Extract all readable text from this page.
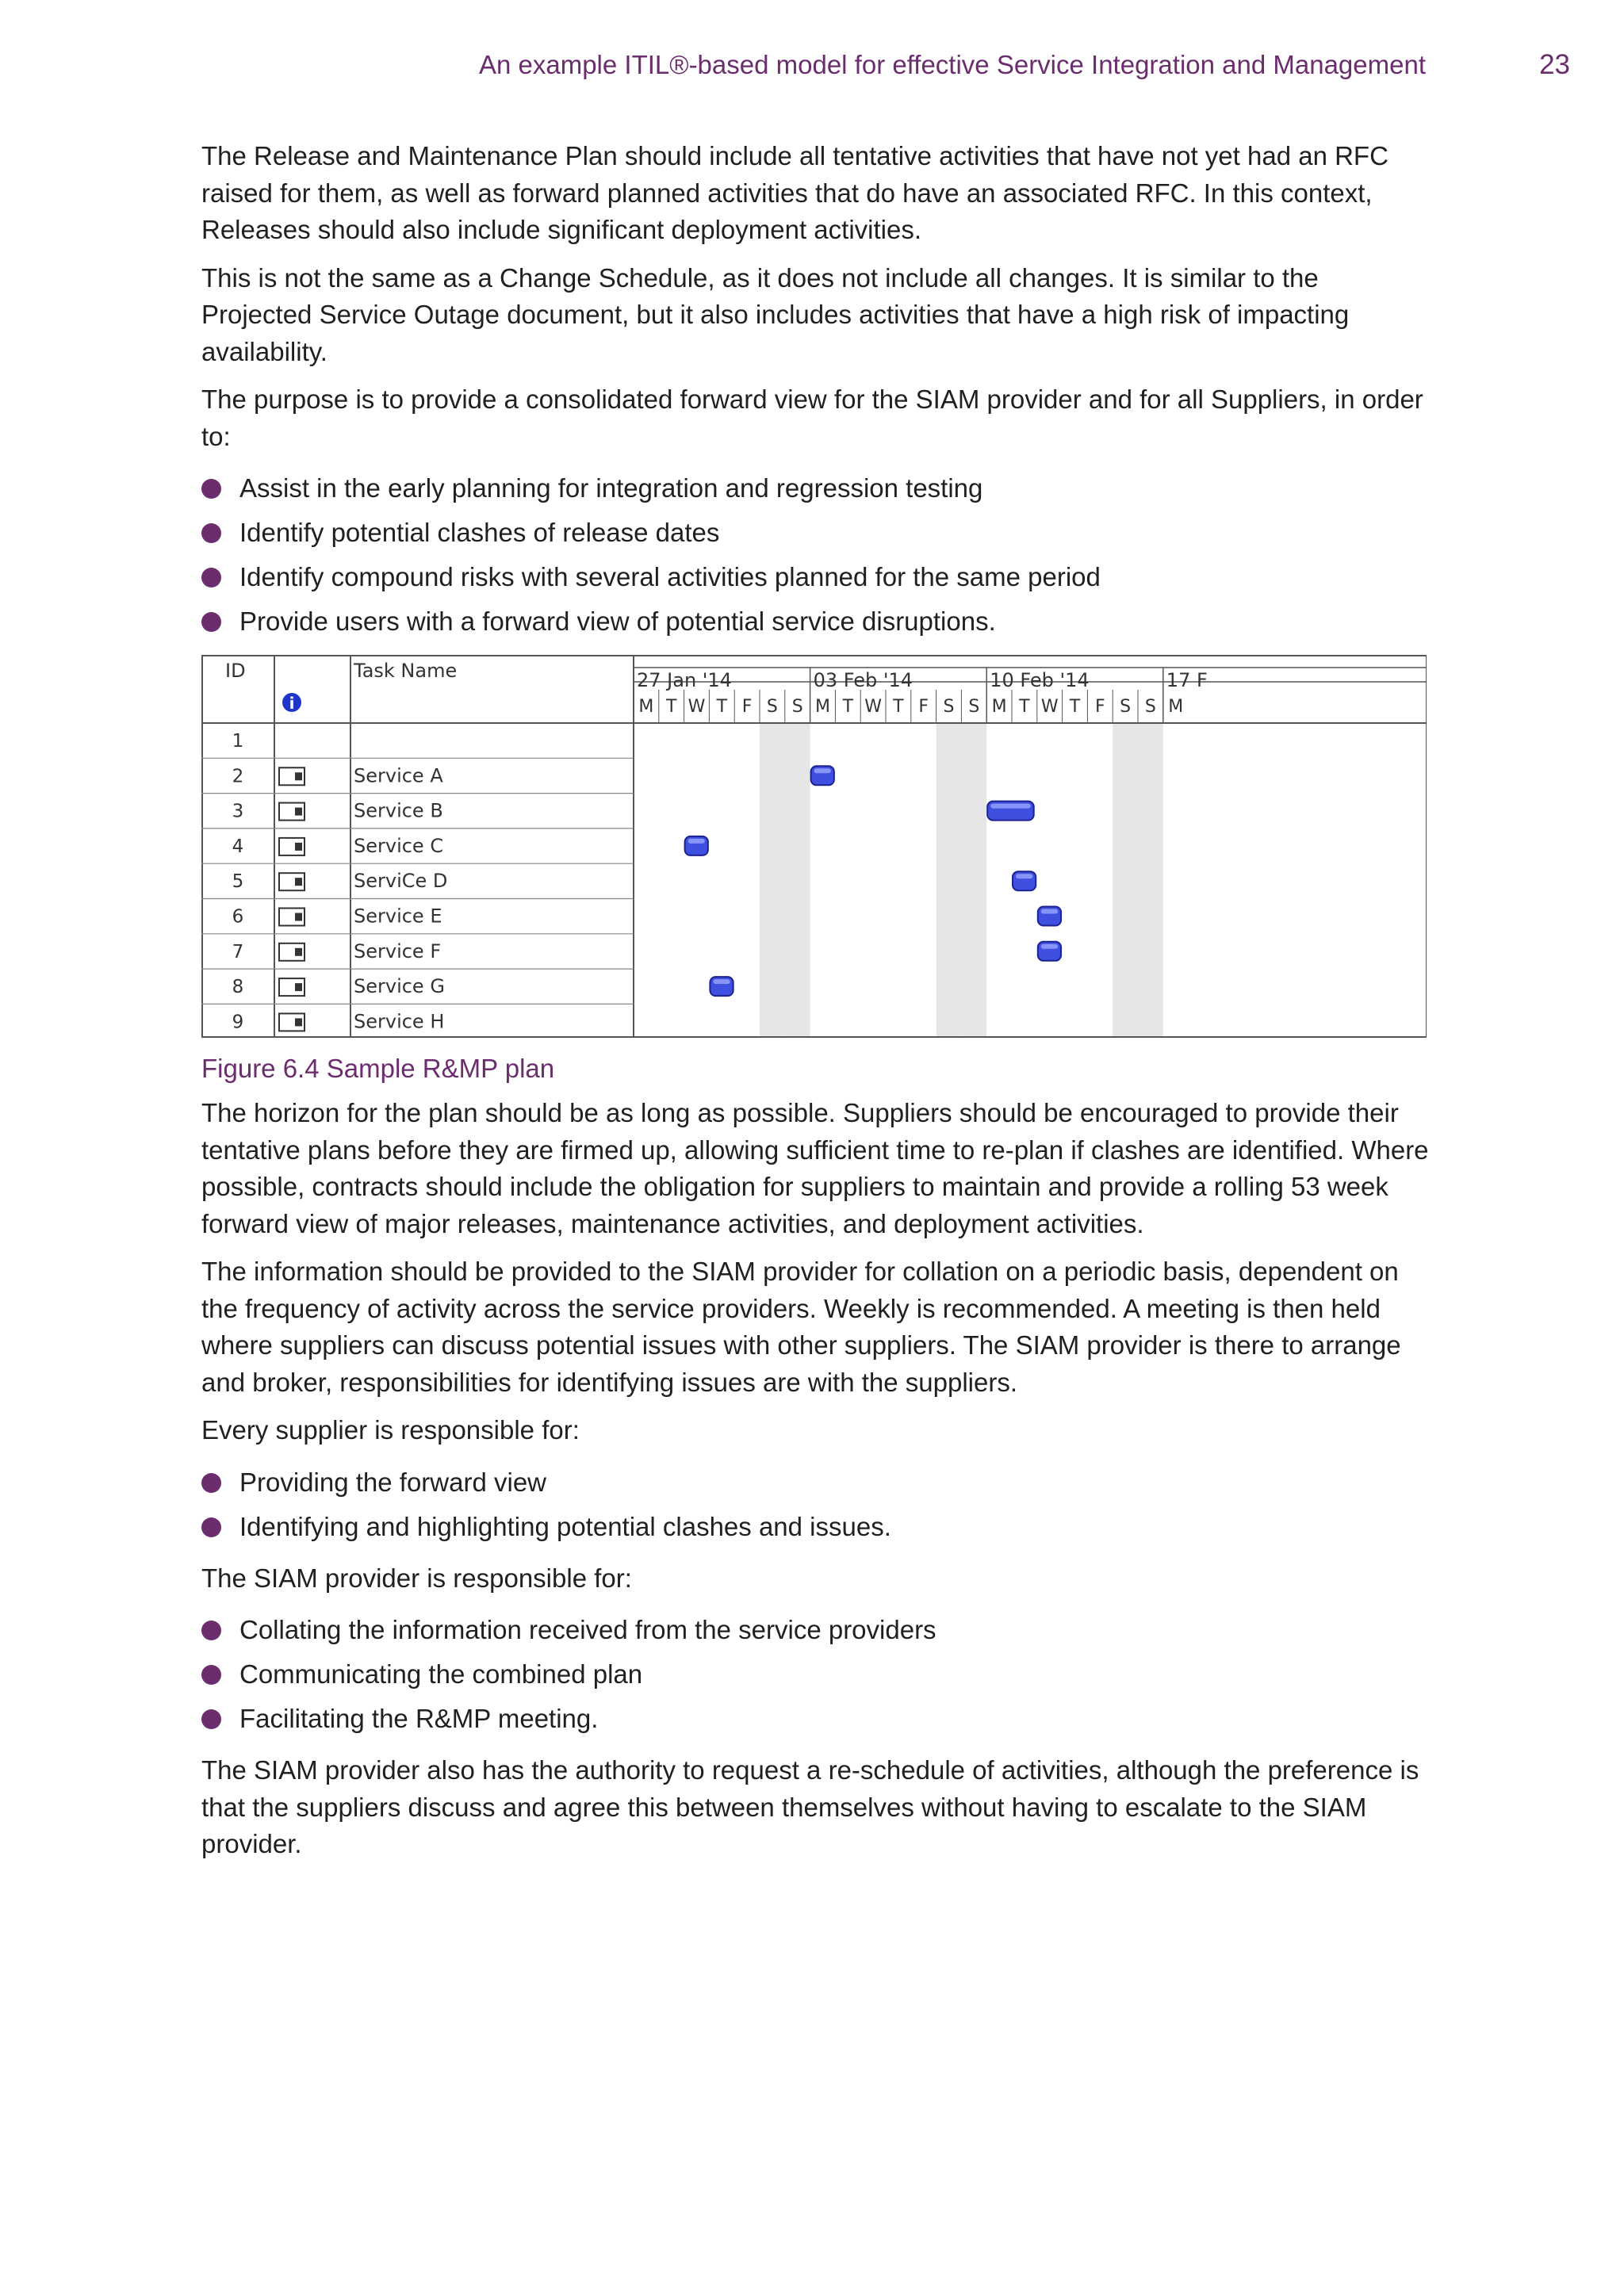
An example ITIL®-based model for effective Service Integration and Management	23

The Release and Maintenance Plan should include all tentative activities that have not yet had an RFC raised for them, as well as forward planned activities that do have an associated RFC. In this context, Releases should also include significant deployment activities.

This is not the same as a Change Schedule, as it does not include all changes. It is similar to the Projected Service Outage document, but it also includes activities that have a high risk of impacting availability.

The purpose is to provide a consolidated forward view for the SIAM provider and for all Suppliers, in order to:

Assist in the early planning for integration and regression testing
Identify potential clashes of release dates
Identify compound risks with several activities planned for the same period
Provide users with a forward view of potential service disruptions.
ID	Task Name
i
27 Jan '14	03 Feb '14	10 Feb '14	17 F
M T W T F S S M T W T F S S M T W T F S S M
1
2	Service A
3	Service B
4	Service C
5	ServiCe D
6	Service E
7	Service F
8	Service G
9	Service H
Figure 6.4 Sample R&MP plan

The horizon for the plan should be as long as possible. Suppliers should be encouraged to provide their tentative plans before they are firmed up, allowing sufficient time to re-plan if clashes are identified. Where possible, contracts should include the obligation for suppliers to maintain and provide a rolling 53 week forward view of major releases, maintenance activities, and deployment activities.

The information should be provided to the SIAM provider for collation on a periodic basis, dependent on the frequency of activity across the service providers. Weekly is recommended. A meeting is then held where suppliers can discuss potential issues with other suppliers. The SIAM provider is there to arrange and broker, responsibilities for identifying issues are with the suppliers.

Every supplier is responsible for:

Providing the forward view
Identifying and highlighting potential clashes and issues.

The SIAM provider is responsible for:

Collating the information received from the service providers
Communicating the combined plan
Facilitating the R&MP meeting.

The SIAM provider also has the authority to request a re-schedule of activities, although the preference is that the suppliers discuss and agree this between themselves without having to escalate to the SIAM provider.
